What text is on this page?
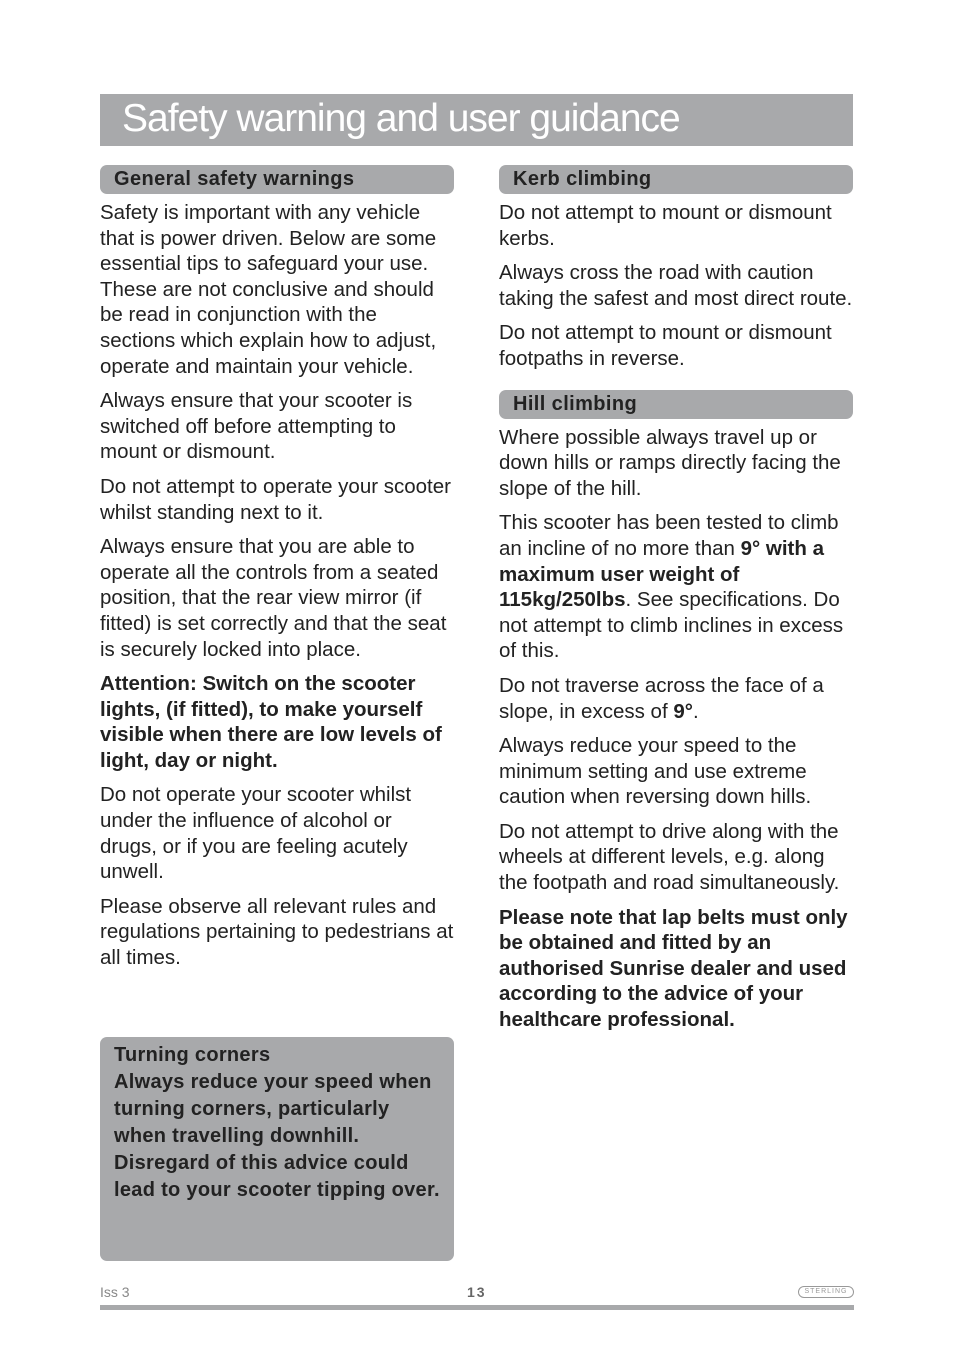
Safety warning and user guidance
General safety warnings

Safety is important with any vehicle that is power driven. Below are some essential tips to safeguard your use. These are not conclusive and should be read in conjunction with the sections which explain how to adjust, operate and maintain your vehicle.

Always ensure that your scooter is switched off before attempting to mount or dismount.

Do not attempt to operate your scooter whilst standing next to it.

Always ensure that you are able to operate all the controls from a seated position, that the rear view mirror (if fitted) is set correctly and that the seat is securely locked into place.

Attention: Switch on the scooter lights, (if fitted), to make yourself visible when there are low levels of light, day or night.

Do not operate your scooter whilst under the influence of alcohol or drugs, or if you are feeling acutely unwell.

Please observe all relevant rules and regulations pertaining to pedestrians at all times.

Turning corners
Always reduce your speed when turning corners, particularly when travelling downhill.
Disregard of this advice could lead to your scooter tipping over.
Kerb climbing

Do not attempt to mount or dismount kerbs.

Always cross the road with caution taking the safest and most direct route.

Do not attempt to mount or dismount footpaths in reverse.

Hill climbing

Where possible always travel up or down hills or ramps directly facing the slope of the hill.

This scooter has been tested to climb an incline of no more than 9° with a maximum user weight of 115kg/250lbs. See specifications. Do not attempt to climb inclines in excess of this.

Do not traverse across the face of a slope, in excess of 9°.

Always reduce your speed to the minimum setting and use extreme caution when reversing down hills.

Do not attempt to drive along with the wheels at different levels, e.g. along the footpath and road simultaneously.

Please note that lap belts must only be obtained and fitted by an authorised Sunrise dealer and used according to the advice of your healthcare professional.

Iss 3	13	STERLING
